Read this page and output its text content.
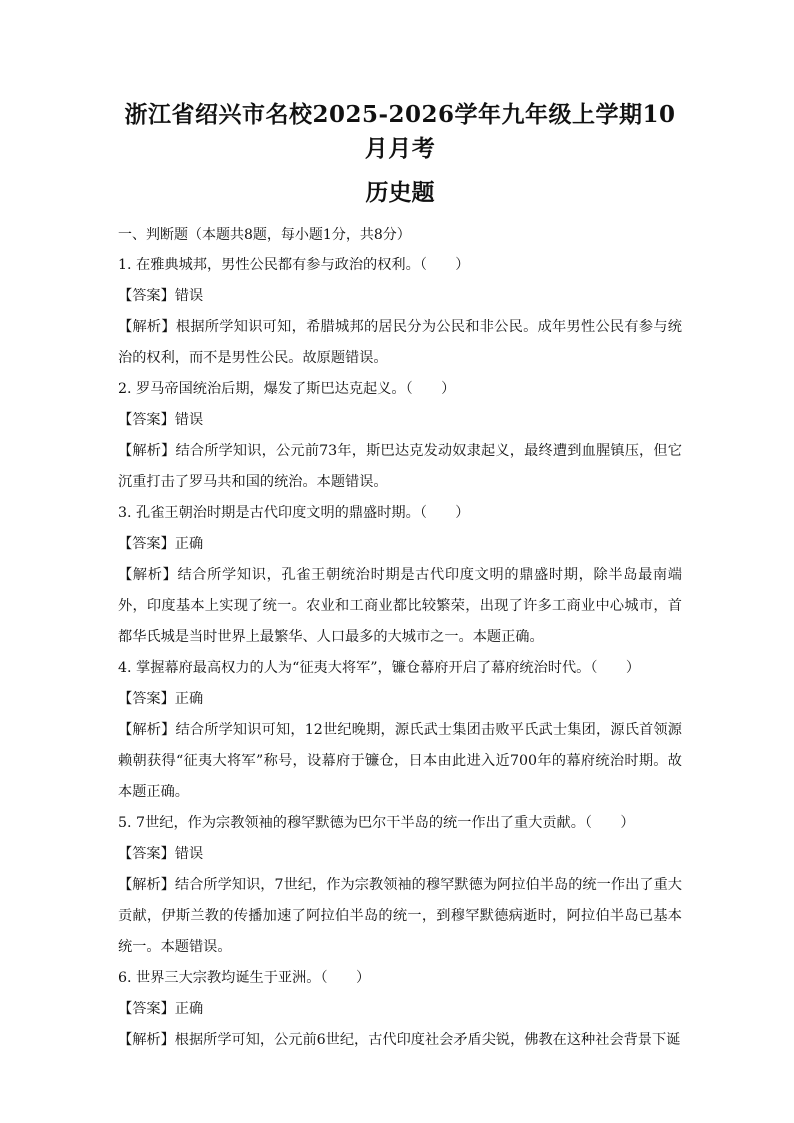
浙江省绍兴市名校2025-2026学年九年级上学期10月月考
历史题

一、判断题（本题共8题，每小题1分，共8分）

1. 在雅典城邦，男性公民都有参与政治的权利。（　　）

【答案】错误

【解析】根据所学知识可知，希腊城邦的居民分为公民和非公民。成年男性公民有参与统治的权利，而不是男性公民。故原题错误。

2. 罗马帝国统治后期，爆发了斯巴达克起义。（　　）

【答案】错误

【解析】结合所学知识，公元前73年，斯巴达克发动奴隶起义，最终遭到血腥镇压，但它沉重打击了罗马共和国的统治。本题错误。

3. 孔雀王朝治时期是古代印度文明的鼎盛时期。（　　）

【答案】正确

【解析】结合所学知识，孔雀王朝统治时期是古代印度文明的鼎盛时期，除半岛最南端外，印度基本上实现了统一。农业和工商业都比较繁荣，出现了许多工商业中心城市，首都华氏城是当时世界上最繁华、人口最多的大城市之一。本题正确。

4. 掌握幕府最高权力的人为“征夷大将军”，镰仓幕府开启了幕府统治时代。（　　）

【答案】正确

【解析】结合所学知识可知，12世纪晚期，源氏武士集团击败平氏武士集团，源氏首领源赖朝获得“征夷大将军”称号，设幕府于镰仓，日本由此进入近700年的幕府统治时期。故本题正确。

5. 7世纪，作为宗教领袖的穆罕默德为巴尔干半岛的统一作出了重大贡献。（　　）

【答案】错误

【解析】结合所学知识，7世纪，作为宗教领袖的穆罕默德为阿拉伯半岛的统一作出了重大贡献，伊斯兰教的传播加速了阿拉伯半岛的统一，到穆罕默德病逝时，阿拉伯半岛已基本统一。本题错误。

6. 世界三大宗教均诞生于亚洲。（　　）

【答案】正确

【解析】根据所学可知，公元前6世纪，古代印度社会矛盾尖锐，佛教在这种社会背景下诞
